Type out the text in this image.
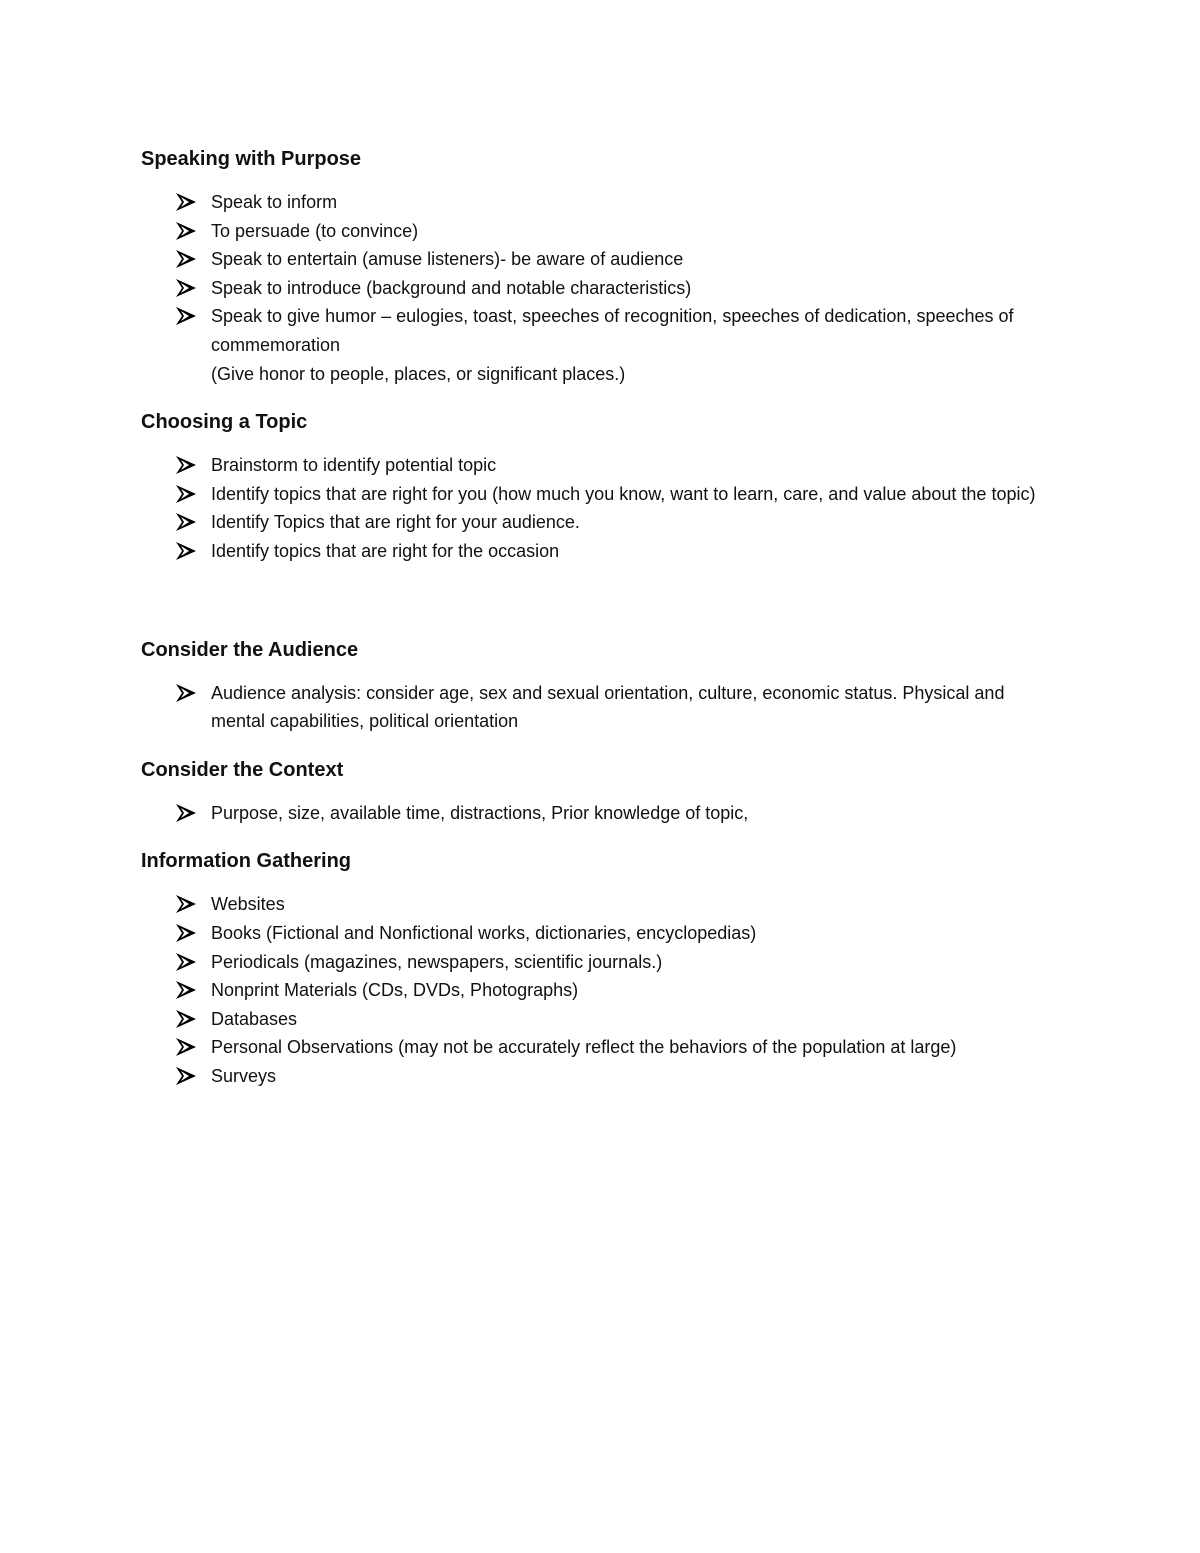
Speaking with Purpose
Speak to inform
To persuade (to convince)
Speak to entertain (amuse listeners)- be aware of audience
Speak to introduce (background and notable characteristics)
Speak to give humor – eulogies, toast, speeches of recognition, speeches of dedication, speeches of commemoration
(Give honor to people, places, or significant places.)
Choosing a Topic
Brainstorm to identify potential topic
Identify topics that are right for you (how much you know, want to learn, care, and value about the topic)
Identify Topics that are right for your audience.
Identify topics that are right for the occasion
Consider the Audience
Audience analysis: consider age, sex and sexual orientation, culture, economic status. Physical and mental capabilities, political orientation
Consider the Context
Purpose, size, available time, distractions, Prior knowledge of topic,
Information Gathering
Websites
Books (Fictional and Nonfictional works, dictionaries, encyclopedias)
Periodicals (magazines, newspapers, scientific journals.)
Nonprint Materials (CDs, DVDs, Photographs)
Databases
Personal Observations (may not be accurately reflect the behaviors of the population at large)
Surveys
